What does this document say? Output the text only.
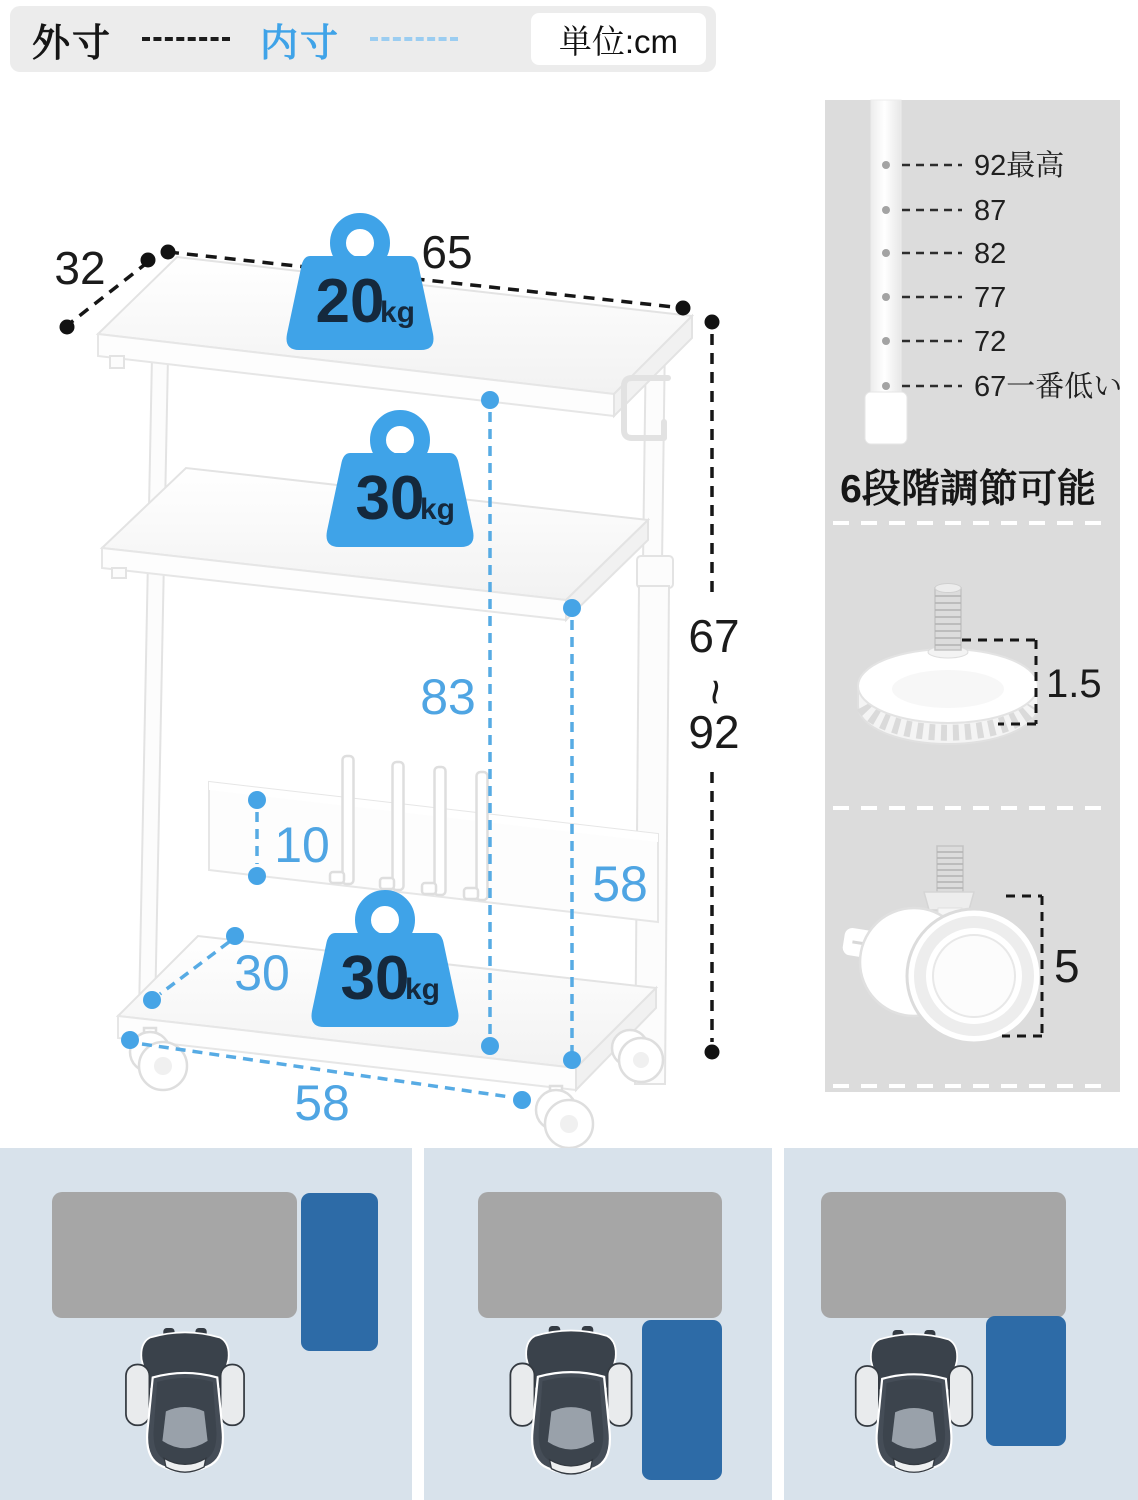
32	65
67
~
92
83
58
10
30
58
20
kg
30
kg
30
kg
92最高
87
82
77
72
67一番低い
6段階調節可能
1.5
5
外寸	内寸	単位:cm
